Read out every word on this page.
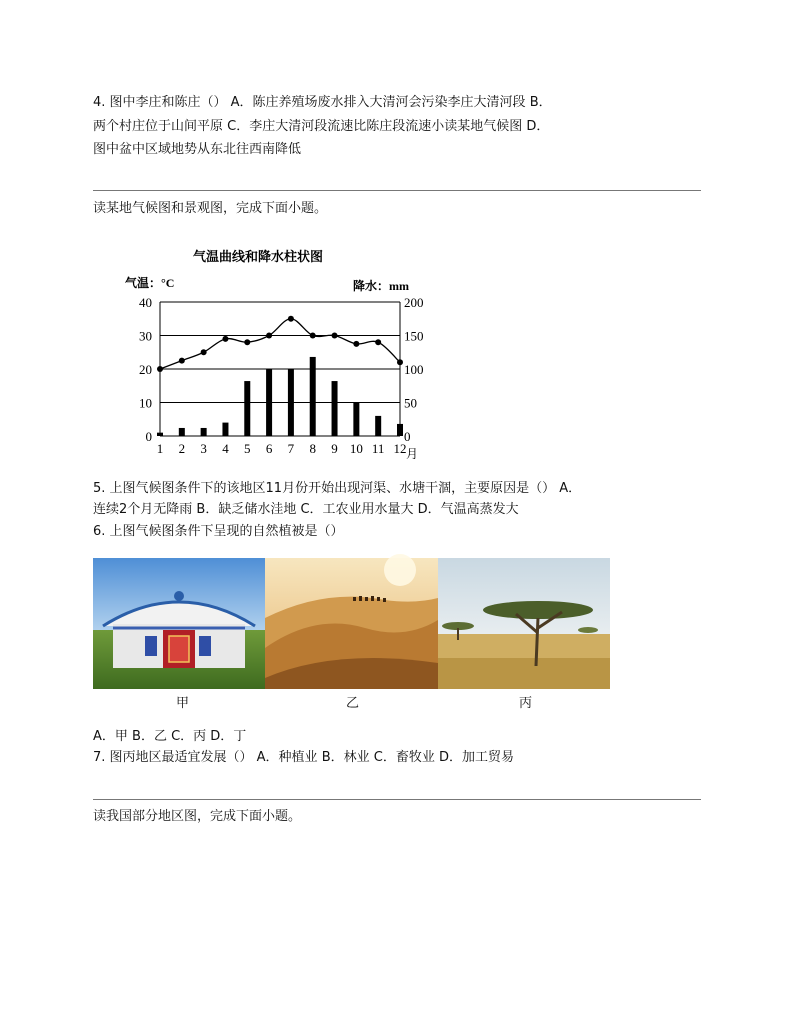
4. 图中李庄和陈庄（） A．陈庄养殖场废水排入大清河会污染李庄大清河段 B．
两个村庄位于山间平原 C．李庄大清河段流速比陈庄段流速小读某地气候图 D．
图中盆中区域地势从东北往西南降低
读某地气候图和景观图，完成下面小题。
气温曲线和降水柱状图
气温：°C	降水：mm
0
10
20
30
40
0
50
100
150
200
1 2 3 4 5 6 7 8 9 10 11 12 月
5. 上图气候图条件下的该地区11月份开始出现河渠、水塘干涸，主要原因是（） A．
连续2个月无降雨 B．缺乏储水洼地 C．工农业用水量大 D．气温高蒸发大
6. 上图气候图条件下呈现的自然植被是（）
甲	乙	丙
A．甲 B．乙 C．丙 D．丁
7. 图丙地区最适宜发展（） A．种植业 B．林业 C．畜牧业 D．加工贸易
读我国部分地区图，完成下面小题。
